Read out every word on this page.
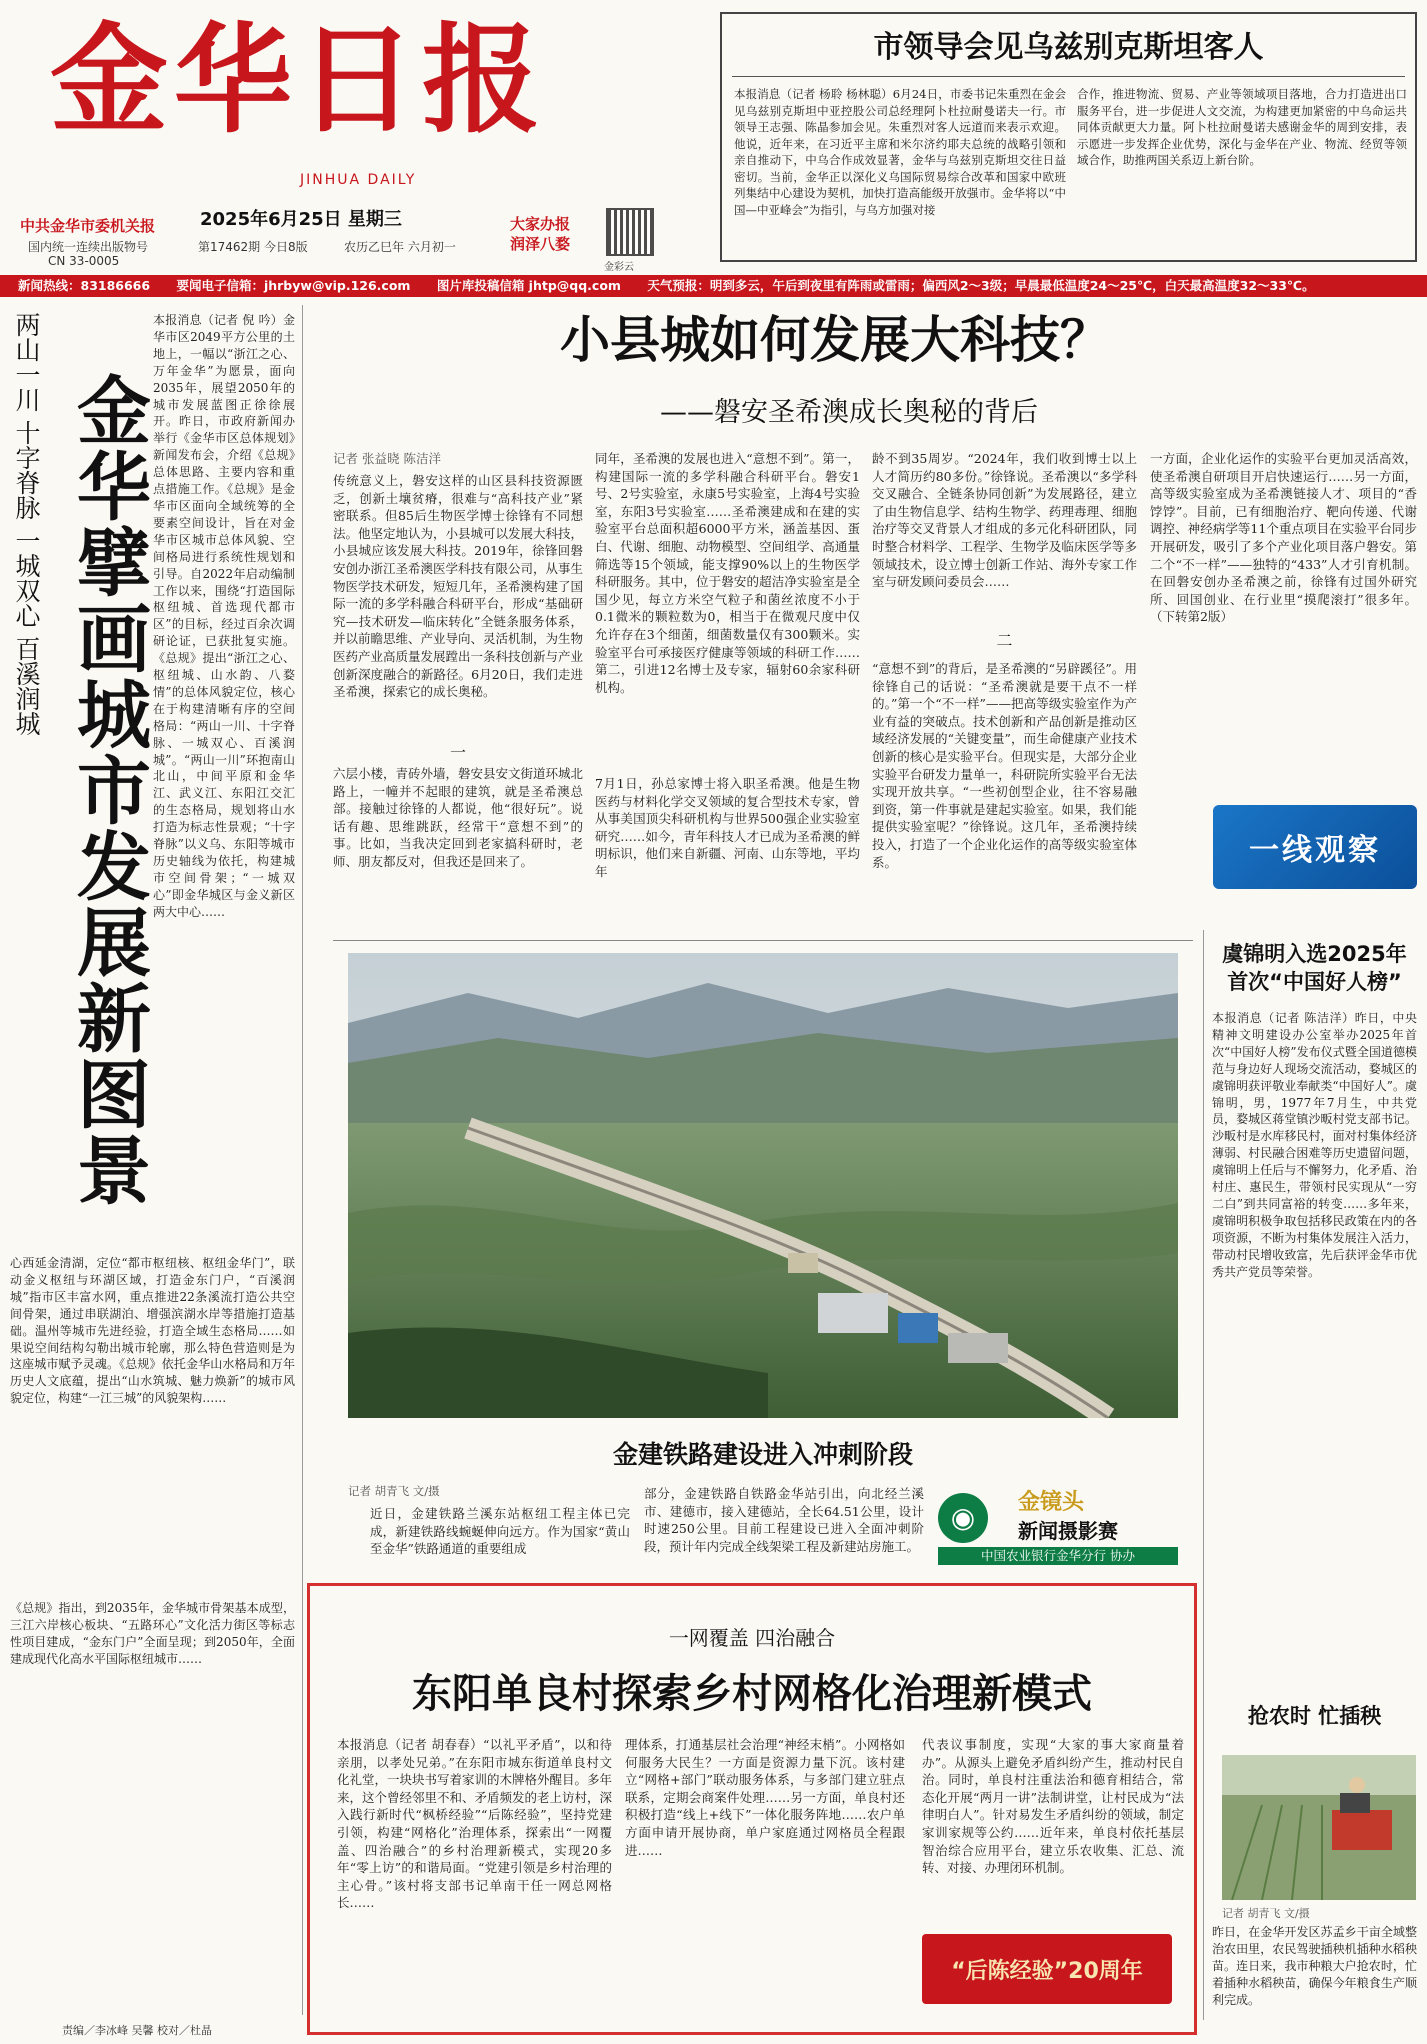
金华日报
JINHUA DAILY
中共金华市委机关报
国内统一连续出版物号
CN 33-0005
2025年6月25日 星期三
第17462期 今日8版	农历乙巳年 六月初一
大家办报
润泽八婺
金彩云
市领导会见乌兹别克斯坦客人
本报消息（记者 杨聆 杨林聪）6月24日，市委书记朱重烈在金会见乌兹别克斯坦中亚控股公司总经理阿卜杜拉耐曼诺夫一行。市领导王志强、陈晶参加会见。朱重烈对客人远道而来表示欢迎。他说，近年来，在习近平主席和米尔济约耶夫总统的战略引领和亲自推动下，中乌合作成效显著，金华与乌兹别克斯坦交往日益密切。当前，金华正以深化义乌国际贸易综合改革和国家中欧班列集结中心建设为契机，加快打造高能级开放强市。金华将以“中国—中亚峰会”为指引，与乌方加强对接
合作，推进物流、贸易、产业等领域项目落地，合力打造进出口服务平台，进一步促进人文交流，为构建更加紧密的中乌命运共同体贡献更大力量。阿卜杜拉耐曼诺夫感谢金华的周到安排，表示愿进一步发挥企业优势，深化与金华在产业、物流、经贸等领域合作，助推两国关系迈上新台阶。
新闻热线：83186666 要闻电子信箱：jhrbyw@vip.126.com 图片库投稿信箱 jhtp@qq.com 天气预报：明到多云，午后到夜里有阵雨或雷雨；偏西风2～3级；早晨最低温度24～25℃，白天最高温度32～33℃。
两山一川 十字脊脉 一城双心 百溪润城 金华擘画城市发展新图景
本报消息（记者 倪 吟）金华市区2049平方公里的土地上，一幅以“浙江之心、万年金华”为愿景，面向2035年，展望2050年的城市发展蓝图正徐徐展开。昨日，市政府新闻办举行《金华市区总体规划》新闻发布会，介绍《总规》总体思路、主要内容和重点措施工作。《总规》是金华市区面向全域统筹的全要素空间设计，旨在对金华市区城市总体风貌、空间格局进行系统性规划和引导。自2022年启动编制工作以来，围绕“打造国际枢纽城、首选现代都市区”的目标，经过百余次调研论证，已获批复实施。《总规》提出“浙江之心、枢纽城、山水韵、八婺情”的总体风貌定位，核心在于构建清晰有序的空间格局：“两山一川、十字脊脉、一城双心、百溪润城”。“两山一川”环抱南山北山，中间平原和金华江、武义江、东阳江交汇的生态格局，规划将山水打造为标志性景观；“十字脊脉”以义乌、东阳等城市历史轴线为依托，构建城市空间骨架；“一城双心”即金华城区与金义新区两大中心……
心西延金清湖，定位“都市枢纽核、枢纽金华门”，联动金义枢纽与环湖区域，打造金东门户，“百溪润城”指市区丰富水网，重点推进22条溪流打造公共空间骨架，通过串联湖泊、增强滨湖水岸等措施打造基础。温州等城市先进经验，打造全域生态格局……如果说空间结构勾勒出城市轮廓，那么特色营造则是为这座城市赋予灵魂。《总规》依托金华山水格局和万年历史人文底蕴，提出“山水筑城、魅力焕新”的城市风貌定位，构建“一江三城”的风貌架构……
《总规》指出，到2035年，金华城市骨架基本成型，三江六岸核心板块、“五路环心”文化活力街区等标志性项目建成，“金东门户”全面呈现；到2050年，全面建成现代化高水平国际枢纽城市……
小县城如何发展大科技？
——磐安圣希澳成长奥秘的背后
记者 张益晓 陈洁洋
传统意义上，磐安这样的山区县科技资源匮乏，创新土壤贫瘠，很难与“高科技产业”紧密联系。但85后生物医学博士徐锋有不同想法。他坚定地认为，小县城可以发展大科技，小县城应该发展大科技。2019年，徐锋回磐安创办浙江圣希澳医学科技有限公司，从事生物医学技术研发，短短几年，圣希澳构建了国际一流的多学科融合科研平台，形成“基础研究—技术研发—临床转化”全链条服务体系，并以前瞻思维、产业导向、灵活机制，为生物医药产业高质量发展蹚出一条科技创新与产业创新深度融合的新路径。6月20日，我们走进圣希澳，探索它的成长奥秘。
一
六层小楼，青砖外墙，磐安县安文街道环城北路上，一幢并不起眼的建筑，就是圣希澳总部。接触过徐锋的人都说，他“很好玩”。说话有趣、思维跳跃，经常干“意想不到”的事。比如，当我决定回到老家搞科研时，老师、朋友都反对，但我还是回来了。
同年，圣希澳的发展也进入“意想不到”。第一，构建国际一流的多学科融合科研平台。磐安1号、2号实验室，永康5号实验室，上海4号实验室，东阳3号实验室……圣希澳建成和在建的实验室平台总面积超6000平方米，涵盖基因、蛋白、代谢、细胞、动物模型、空间组学、高通量筛选等15个领域，能支撑90%以上的生物医学科研服务。其中，位于磐安的超洁净实验室是全国少见，每立方米空气粒子和菌丝浓度不小于0.1微米的颗粒数为0，相当于在微观尺度中仅允许存在3个细菌，细菌数量仅有300颗米。实验室平台可承接医疗健康等领域的科研工作……第二，引进12名博士及专家，辐射60余家科研机构。
7月1日，孙总家博士将入职圣希澳。他是生物医药与材料化学交叉领域的复合型技术专家，曾从事美国顶尖科研机构与世界500强企业实验室研究……如今，青年科技人才已成为圣希澳的鲜明标识，他们来自新疆、河南、山东等地，平均年
龄不到35周岁。“2024年，我们收到博士以上人才简历约80多份。”徐锋说。圣希澳以“多学科交叉融合、全链条协同创新”为发展路径，建立了由生物信息学、结构生物学、药理毒理、细胞治疗等交叉背景人才组成的多元化科研团队，同时整合材料学、工程学、生物学及临床医学等多领域技术，设立博士创新工作站、海外专家工作室与研发顾问委员会……
二
“意想不到”的背后，是圣希澳的“另辟蹊径”。用徐锋自己的话说：“圣希澳就是要干点不一样的。”第一个“不一样”——把高等级实验室作为产业有益的突破点。技术创新和产品创新是推动区域经济发展的“关键变量”，而生命健康产业技术创新的核心是实验平台。但现实是，大部分企业实验平台研发力量单一，科研院所实验平台无法实现开放共享。“一些初创型企业，往不容易融到资，第一件事就是建起实验室。如果，我们能提供实验室呢？”徐锋说。这几年，圣希澳持续投入，打造了一个企业化运作的高等级实验室体系。
一方面，企业化运作的实验平台更加灵活高效，使圣希澳自研项目开启快速运行……另一方面，高等级实验室成为圣希澳链接人才、项目的“香饽饽”。目前，已有细胞治疗、靶向传递、代谢调控、神经病学等11个重点项目在实验平台同步开展研发，吸引了多个产业化项目落户磐安。第二个“不一样”——独特的“433”人才引育机制。在回磐安创办圣希澳之前，徐锋有过国外研究所、回国创业、在行业里“摸爬滚打”很多年。（下转第2版）
一线观察
金建铁路建设进入冲刺阶段
记者 胡青飞 文/摄
近日，金建铁路兰溪东站枢纽工程主体已完成，新建铁路线蜿蜒伸向远方。作为国家“黄山至金华”铁路通道的重要组成
部分，金建铁路自铁路金华站引出，向北经兰溪市、建德市，接入建德站，全长64.51公里，设计时速250公里。目前工程建设已进入全面冲刺阶段，预计年内完成全线架梁工程及新建站房施工。
◉	金镜头
新闻摄影赛
中国农业银行金华分行 协办
虞锦明入选2025年首次“中国好人榜”
本报消息（记者 陈洁洋）昨日，中央精神文明建设办公室举办2025年首次“中国好人榜”发布仪式暨全国道德模范与身边好人现场交流活动，婺城区的虞锦明获评敬业奉献类“中国好人”。虞锦明，男，1977年7月生，中共党员，婺城区蒋堂镇沙畈村党支部书记。沙畈村是水库移民村，面对村集体经济薄弱、村民融合困难等历史遗留问题，虞锦明上任后与不懈努力，化矛盾、治村庄、惠民生，带领村民实现从“一穷二白”到共同富裕的转变……多年来，虞锦明积极争取包括移民政策在内的各项资源，不断为村集体发展注入活力，带动村民增收致富，先后获评金华市优秀共产党员等荣誉。
抢农时 忙插秧
记者 胡青飞 文/摄
昨日，在金华开发区苏孟乡干亩全域整治农田里，农民驾驶插秧机插种水稻秧苗。连日来，我市种粮大户抢农时，忙着插种水稻秧苗，确保今年粮食生产顺利完成。
一网覆盖 四治融合
东阳单良村探索乡村网格化治理新模式
本报消息（记者 胡春春）“以礼平矛盾”，以和待亲朋，以孝处兄弟。”在东阳市城东街道单良村文化礼堂，一块块书写着家训的木牌格外醒目。多年来，这个曾经邻里不和、矛盾频发的老上访村，深入践行新时代“枫桥经验”“后陈经验”，坚持党建引领，构建“网格化”治理体系，探索出“一网覆盖、四治融合”的乡村治理新模式，实现20多年“零上访”的和谐局面。“党建引领是乡村治理的主心骨。”该村将支部书记单南干任一网总网格长……
理体系，打通基层社会治理“神经末梢”。小网格如何服务大民生？一方面是资源力量下沉。该村建立“网格+部门”联动服务体系，与多部门建立驻点联系，定期会商案件处理……另一方面，单良村还积极打造“线上+线下”一体化服务阵地……农户单方面申请开展协商，单户家庭通过网格员全程跟进……
代表议事制度，实现“大家的事大家商量着办”。从源头上避免矛盾纠纷产生，推动村民自治。同时，单良村注重法治和德育相结合，常态化开展“两月一讲”法制讲堂，让村民成为“法律明白人”。针对易发生矛盾纠纷的领域，制定家训家规等公约……近年来，单良村依托基层智治综合应用平台，建立乐农收集、汇总、流转、对接、办理闭环机制。
“后陈经验”20周年
责编／李冰峰 吴馨 校对／杜晶
